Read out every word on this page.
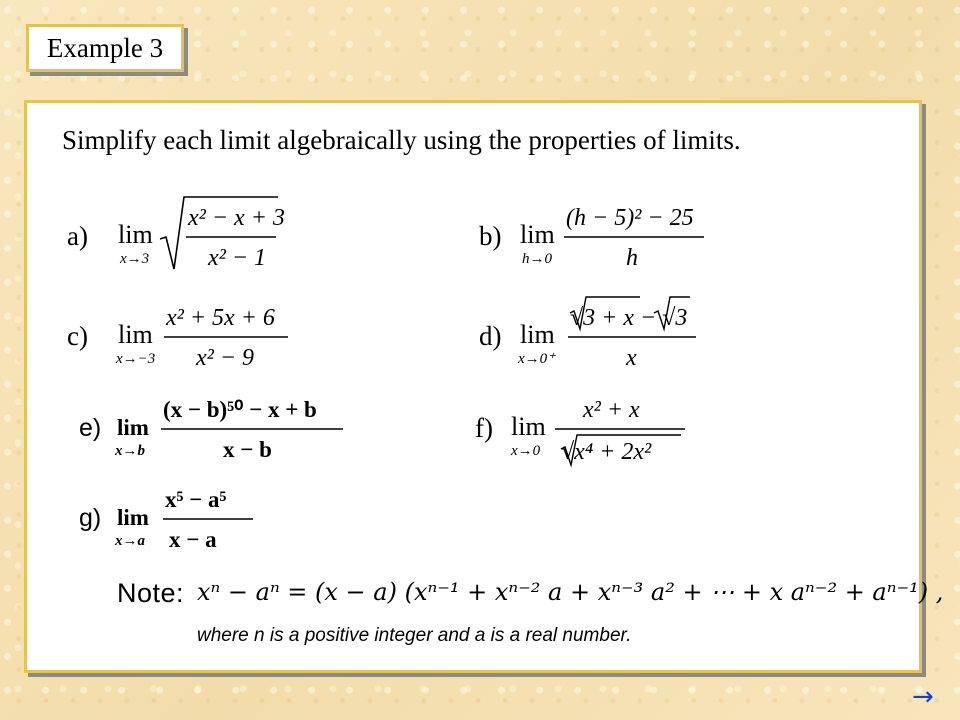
Example 3
Simplify each limit algebraically using the properties of limits.
a) lim
x→3
x² − x + 3
x² − 1
b) lim
h→0
(h − 5)² − 25
h
c) lim
x→−3
x² + 5x + 6
x² − 9
d) lim
x→0⁺
√3 + x − √3
x
e) lim
x→b
(x − b)⁵⁰ − x + b
x − b
f) lim
x→0
x² + x
√x⁴ + 2x²
g) lim
x→a
x⁵ − a⁵
x − a
Note: xⁿ − aⁿ = (x − a) (xⁿ⁻¹ + xⁿ⁻² a + xⁿ⁻³ a² + ⋯ + x aⁿ⁻² + aⁿ⁻¹) ,
where n is a positive integer and a is a real number.
→
